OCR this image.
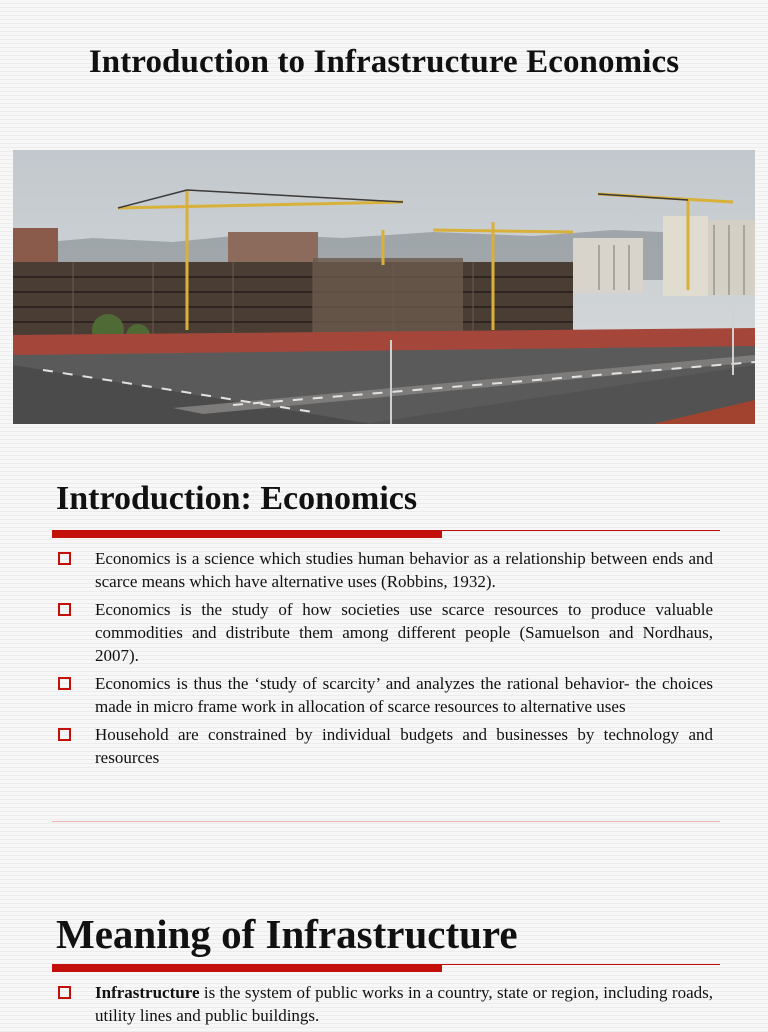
Introduction to Infrastructure Economics
Introduction: Economics
Economics is a science which studies human behavior as a relationship between ends and scarce means which have alternative uses (Robbins, 1932).
Economics is the study of how societies use scarce resources to produce valuable commodities and distribute them among different people (Samuelson and Nordhaus, 2007).
Economics is thus the ‘study of scarcity’ and analyzes the rational behavior- the choices made in micro frame work in allocation of scarce resources to alternative uses
Household are constrained by individual budgets and businesses by technology and resources
Meaning of Infrastructure
Infrastructure is the system of public works in a country, state or region, including roads, utility lines and public buildings.
